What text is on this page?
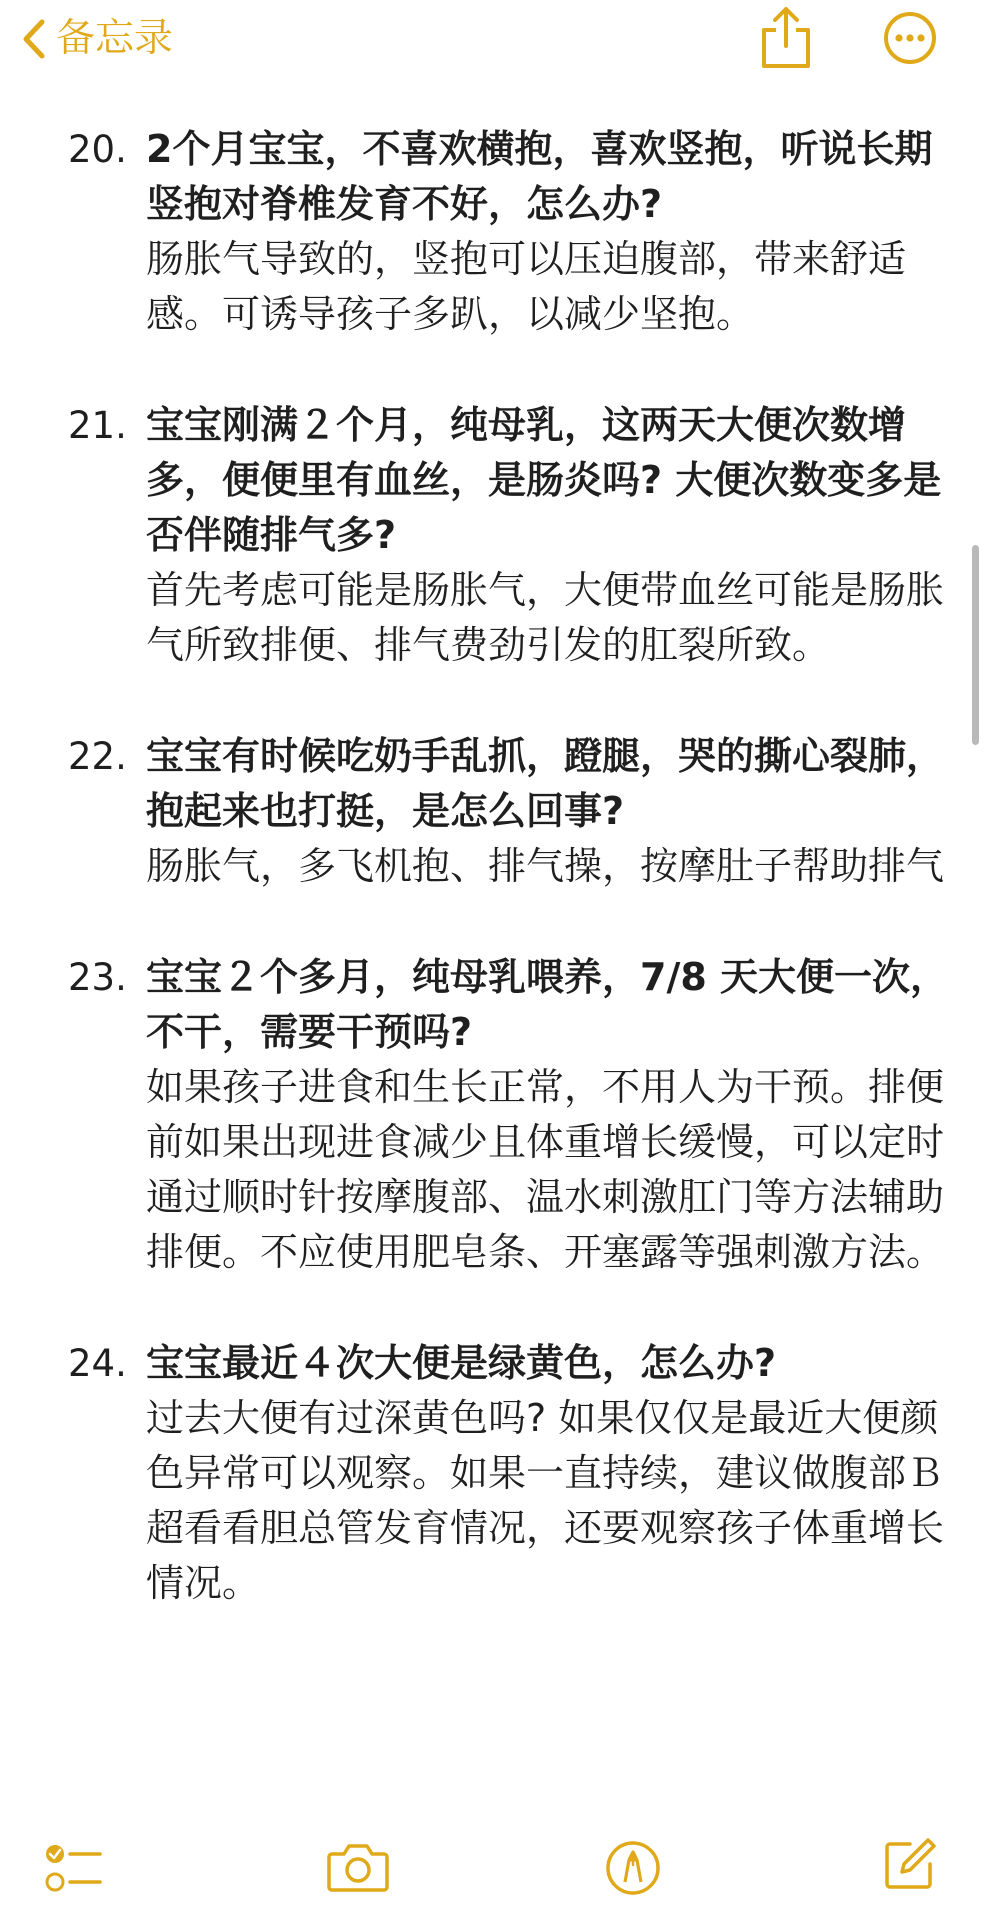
备忘录
20. 2个月宝宝，不喜欢横抱，喜欢竖抱，听说长期竖抱对脊椎发育不好，怎么办?

肠胀气导致的，竖抱可以压迫腹部，带来舒适感。可诱导孩子多趴，以减少坚抱。

21. 宝宝刚满２个月，纯母乳，这两天大便次数增多，便便里有血丝，是肠炎吗? 大便次数变多是否伴随排气多?

首先考虑可能是肠胀气，大便带血丝可能是肠胀气所致排便、排气费劲引发的肛裂所致。

22. 宝宝有时候吃奶手乱抓，蹬腿，哭的撕心裂肺，抱起来也打挺，是怎么回事?

肠胀气，多飞机抱、排气操，按摩肚子帮助排气

23. 宝宝２个多月，纯母乳喂养，7/8 天大便一次，不干，需要干预吗?

如果孩子进食和生长正常，不用人为干预。排便前如果出现进食减少且体重增长缓慢，可以定时通过顺时针按摩腹部、温水刺激肛门等方法辅助排便。不应使用肥皂条、开塞露等强刺激方法。

24. 宝宝最近４次大便是绿黄色，怎么办?

过去大便有过深黄色吗? 如果仅仅是最近大便颜色异常可以观察。如果一直持续，建议做腹部Ｂ超看看胆总管发育情况，还要观察孩子体重增长情况。
